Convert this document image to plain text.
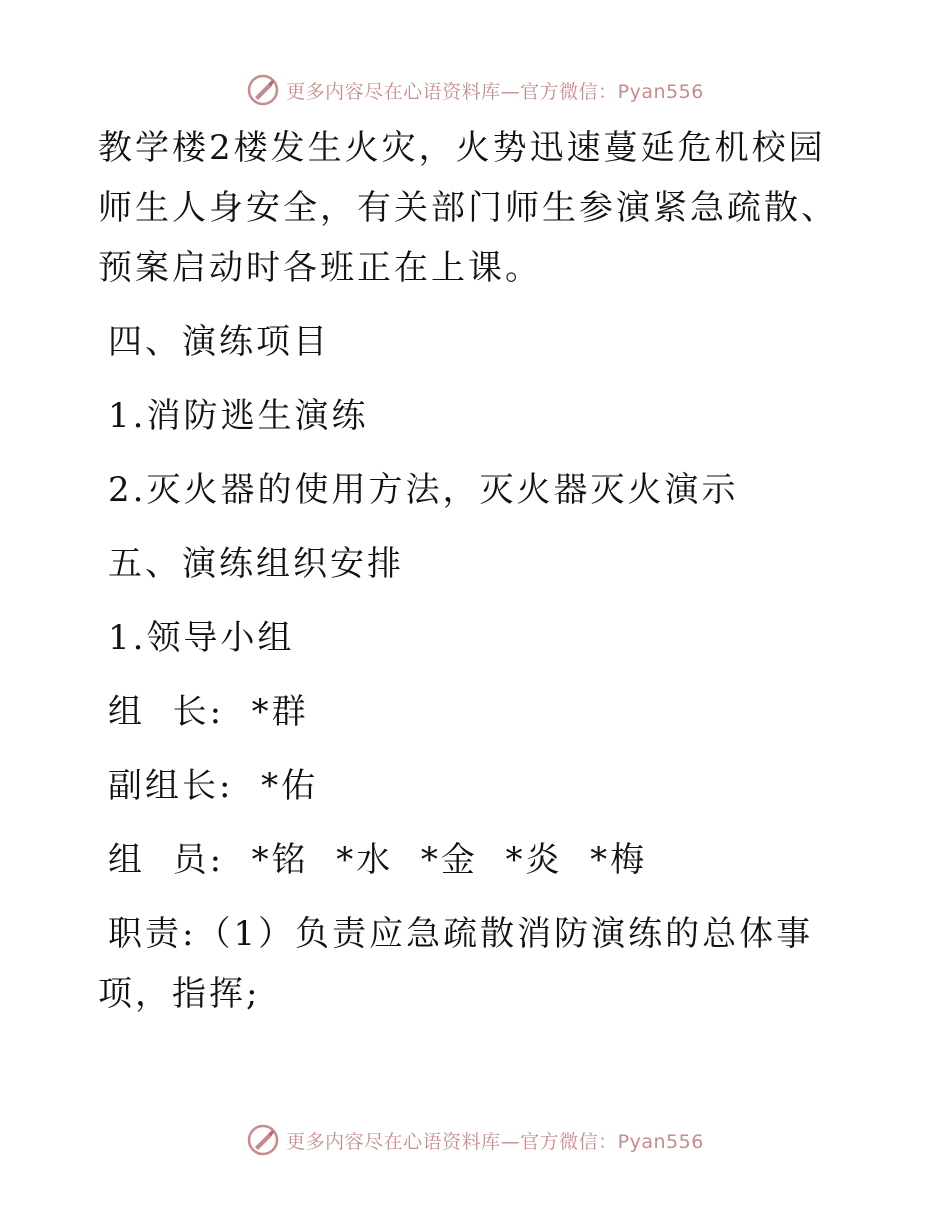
更多内容尽在心语资料库—官方微信：Pyan556

教学楼2楼发生火灾，火势迅速蔓延危机校园师生人身安全，有关部门师生参演紧急疏散、预案启动时各班正在上课。

四、演练项目

1.消防逃生演练

2.灭火器的使用方法，灭火器灭火演示

五、演练组织安排

1.领导小组

组  长:  *群

副组长:  *佑

组  员:  *铭  *水  *金  *炎  *梅

职责:（1）负责应急疏散消防演练的总体事项，指挥;

更多内容尽在心语资料库—官方微信：Pyan556
